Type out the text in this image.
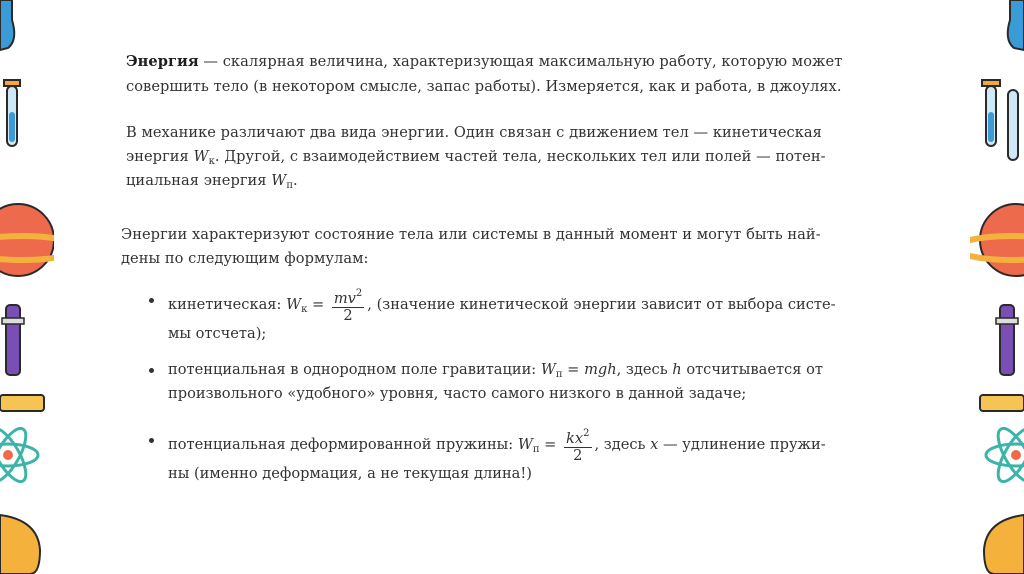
Энергия — скалярная величина, характеризующая максимальную работу, которую может
совершить тело (в некотором смысле, запас работы). Измеряется, как и работа, в джоулях.
В механике различают два вида энергии. Один связан с движением тел — кинетическая
энергия $W_к$. Другой, с взаимодействием частей тела, нескольких тел или полей — потен-
циальная энергия $W_п$.
Энергии характеризуют состояние тела или системы в данный момент и могут быть най-
дены по следующим формулам:
кинетическая: $W_к = \frac{mv^2}{2}$ , (значение кинетической энергии зависит от выбора систе-
мы отсчета);
потенциальная в однородном поле гравитации: $W_п$ = mgh, здесь h отсчитывается от
произвольного «удобного» уровня, часто самого низкого в данной задаче;
потенциальная деформированной пружины: $W_п = \frac{kx^2}{2}$ , здесь x — удлинение пружи-
ны (именно деформация, а не текущая длина!)
